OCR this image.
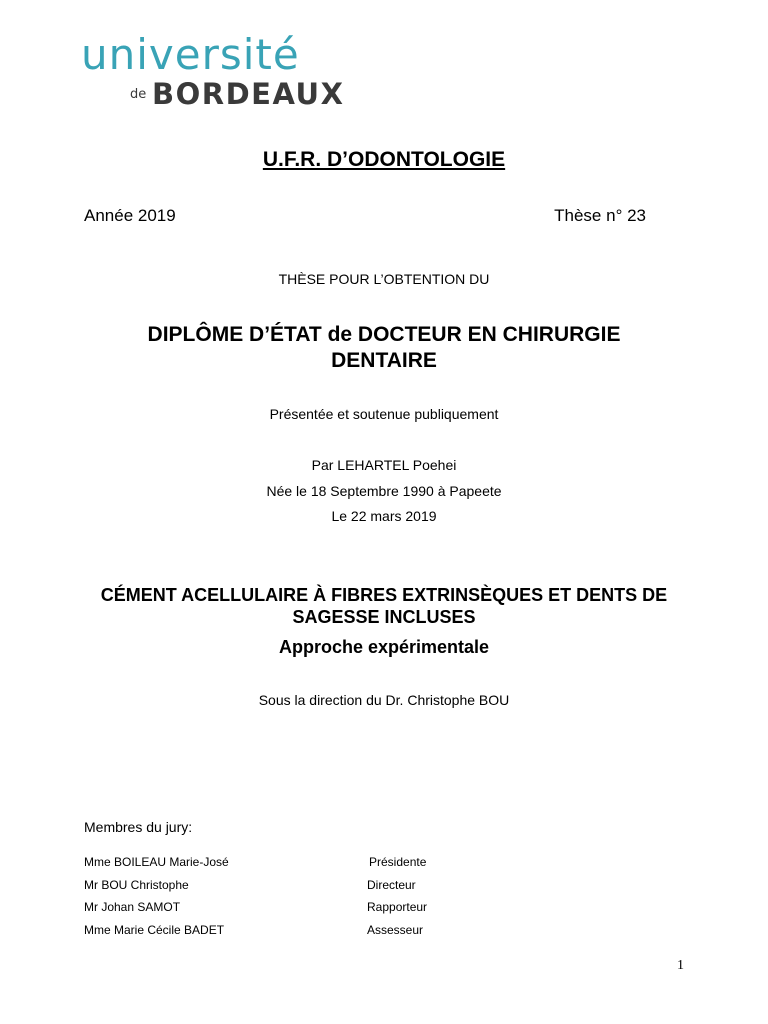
université
de BORDEAUX
U.F.R. D’ODONTOLOGIE
Année 2019	Thèse n° 23
THÈSE POUR L’OBTENTION DU
DIPLÔME D’ÉTAT de DOCTEUR EN CHIRURGIE DENTAIRE
Présentée et soutenue publiquement
Par LEHARTEL Poehei
Née le 18 Septembre 1990 à Papeete
Le 22 mars 2019
CÉMENT ACELLULAIRE À FIBRES EXTRINSÈQUES ET DENTS DE SAGESSE INCLUSES
Approche expérimentale
Sous la direction du Dr. Christophe BOU
Membres du jury:
Mme BOILEAU Marie-José	Présidente
Mr BOU Christophe	Directeur
Mr Johan SAMOT	Rapporteur
Mme Marie Cécile BADET	Assesseur
1
